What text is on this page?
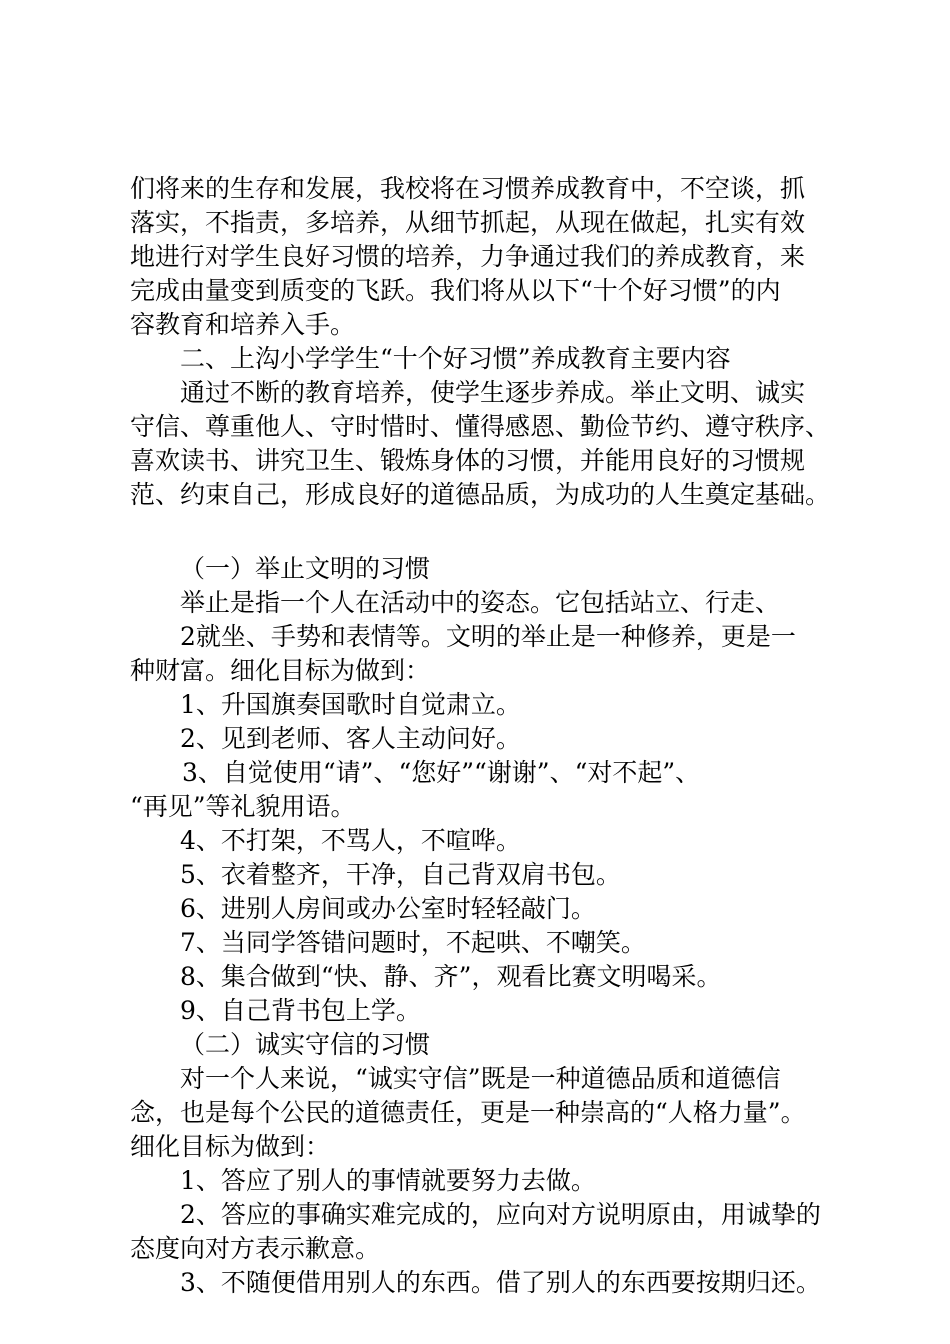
们将来的生存和发展，我校将在习惯养成教育中，不空谈，抓
落实，不指责，多培养，从细节抓起，从现在做起，扎实有效
地进行对学生良好习惯的培养，力争通过我们的养成教育，来
完成由量变到质变的飞跃。我们将从以下“十个好习惯”的内
容教育和培养入手。
二、上沟小学学生“十个好习惯”养成教育主要内容
通过不断的教育培养，使学生逐步养成。举止文明、诚实
守信、尊重他人、守时惜时、懂得感恩、勤俭节约、遵守秩序、
喜欢读书、讲究卫生、锻炼身体的习惯，并能用良好的习惯规
范、约束自己，形成良好的道德品质，为成功的人生奠定基础。
（一）举止文明的习惯
举止是指一个人在活动中的姿态。它包括站立、行走、
2就坐、手势和表情等。文明的举止是一种修养，更是一
种财富。细化目标为做到：
1、升国旗奏国歌时自觉肃立。
2、见到老师、客人主动问好。
3、自觉使用“请”、“您好”“谢谢”、“对不起”、
“再见”等礼貌用语。
4、不打架，不骂人，不喧哗。
5、衣着整齐，干净，自己背双肩书包。
6、进别人房间或办公室时轻轻敲门。
7、当同学答错问题时，不起哄、不嘲笑。
8、集合做到“快、静、齐”，观看比赛文明喝采。
9、自己背书包上学。
（二）诚实守信的习惯
对一个人来说，“诚实守信”既是一种道德品质和道德信
念，也是每个公民的道德责任，更是一种崇高的“人格力量”。
细化目标为做到：
1、答应了别人的事情就要努力去做。
2、答应的事确实难完成的，应向对方说明原由，用诚挚的
态度向对方表示歉意。
3、不随便借用别人的东西。借了别人的东西要按期归还。
